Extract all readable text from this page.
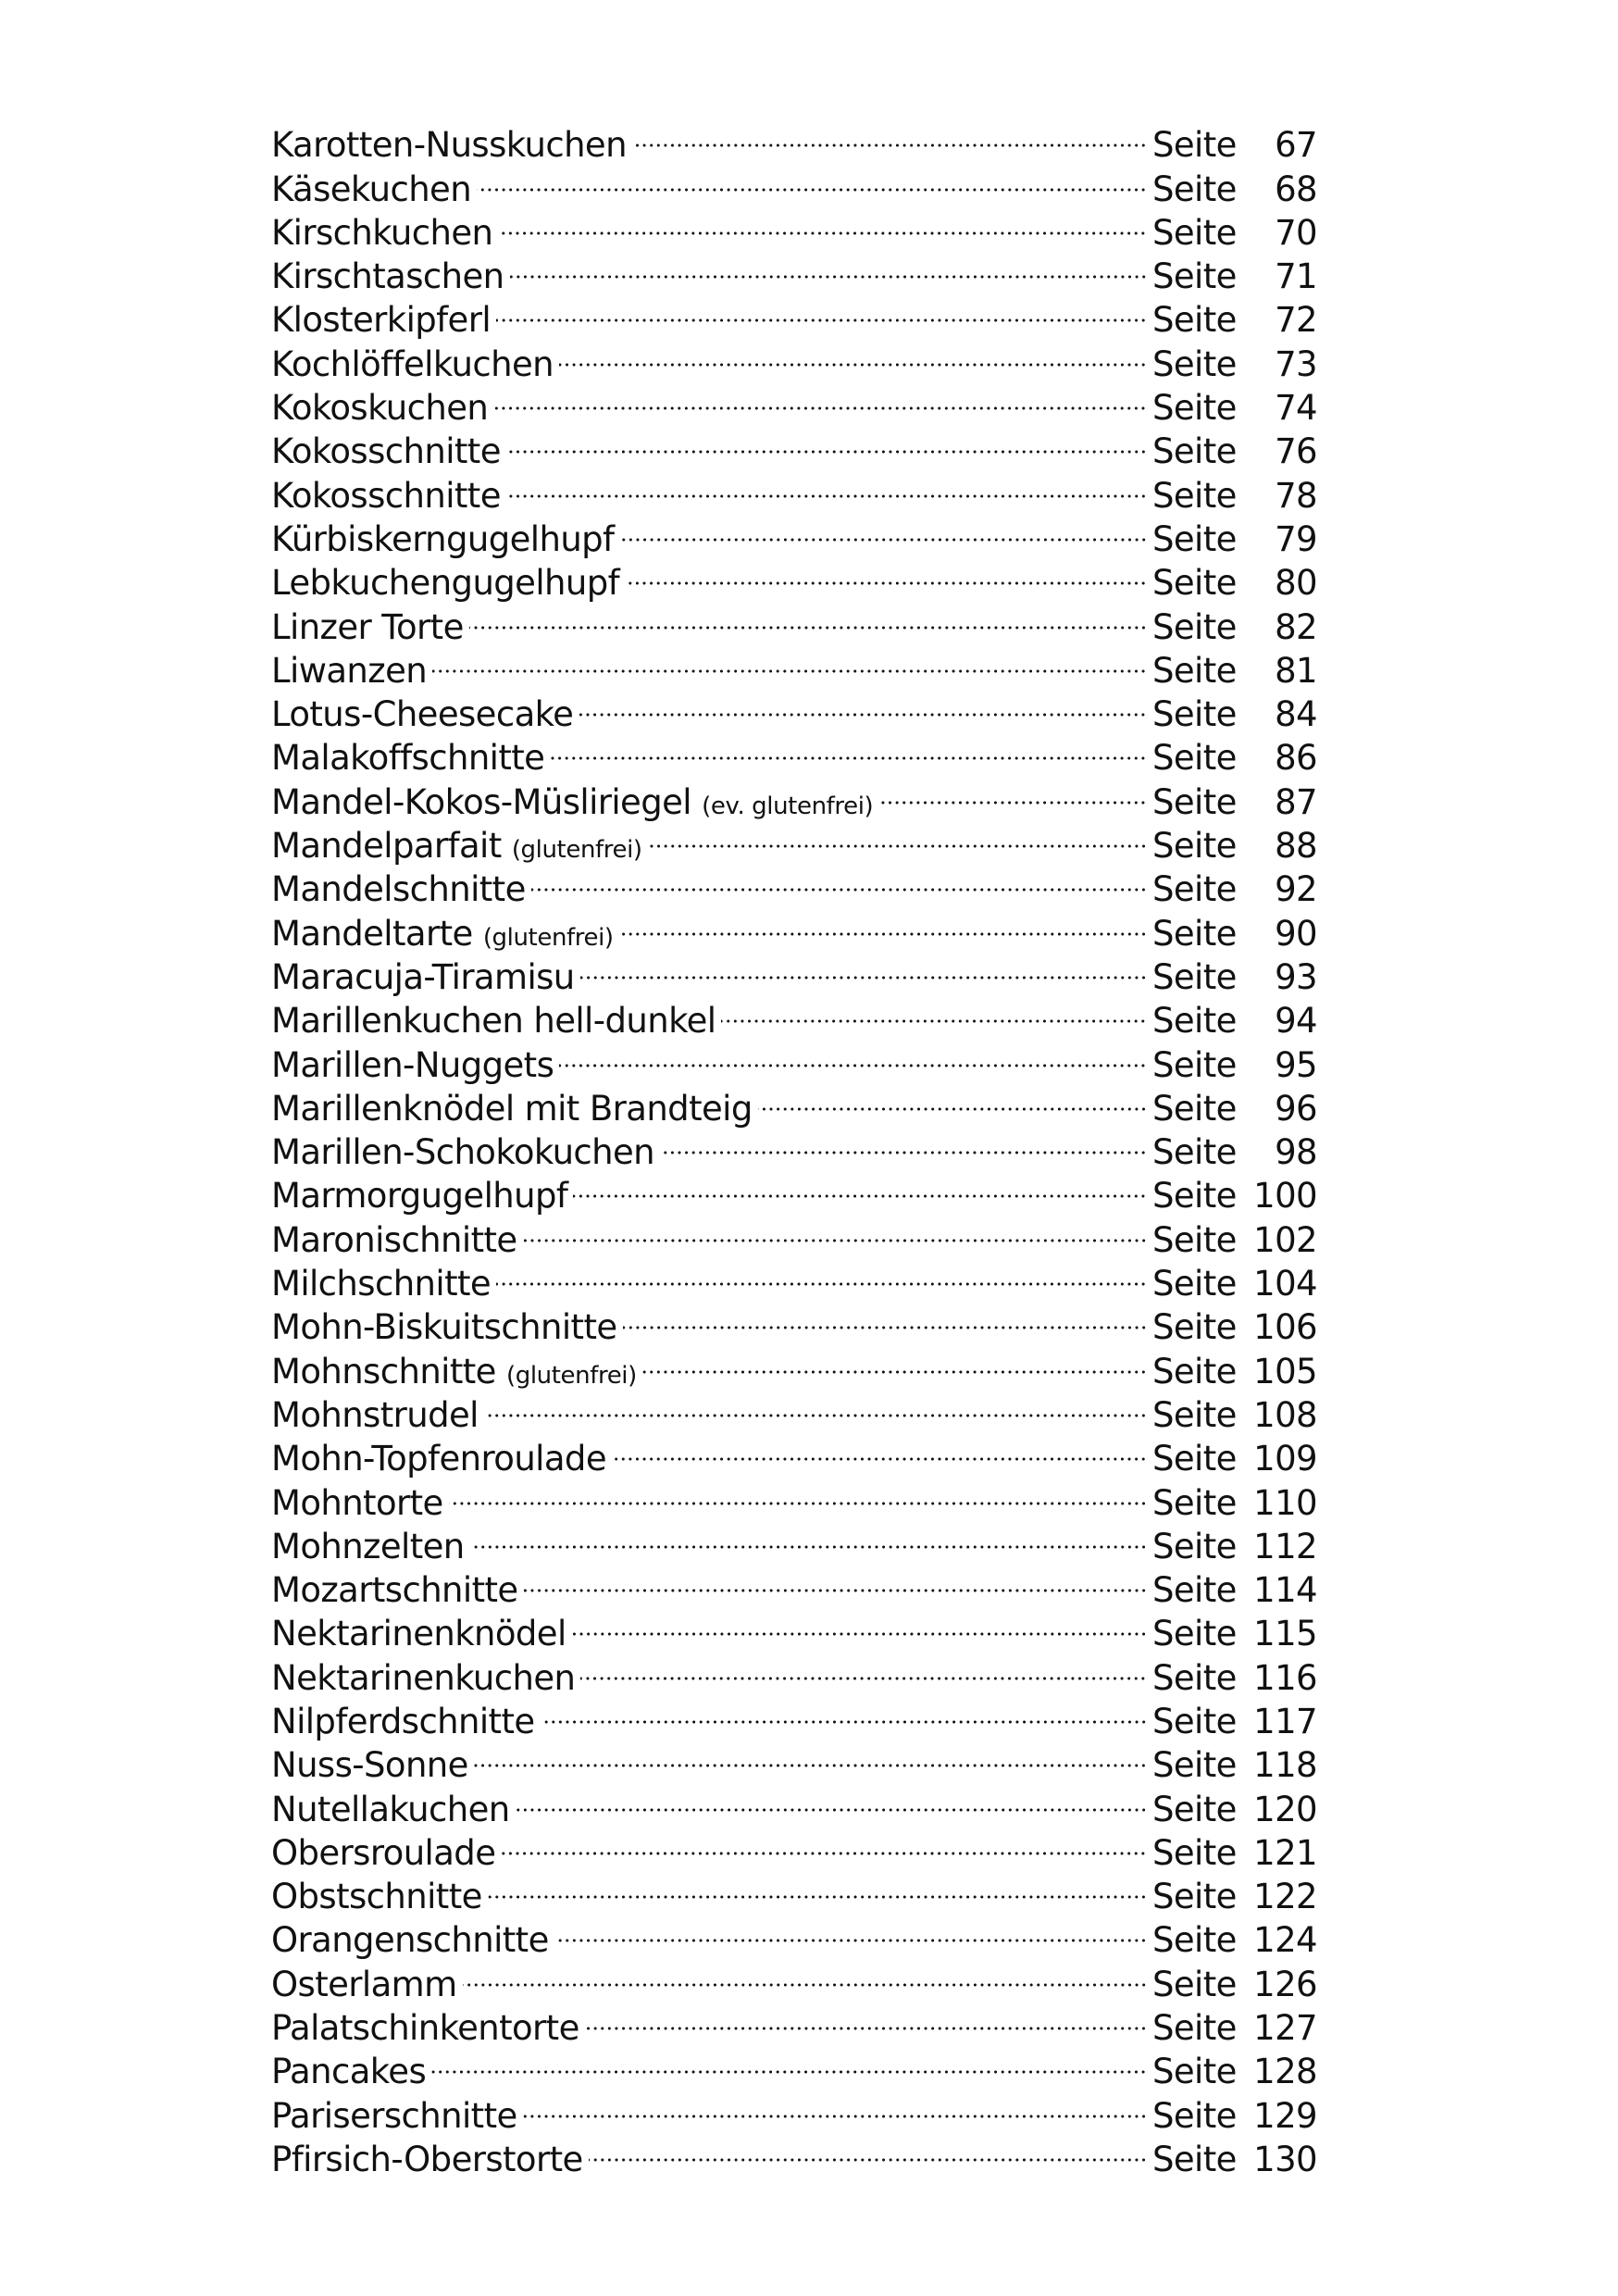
Karotten-Nusskuchen	Seite	67
Käsekuchen	Seite	68
Kirschkuchen	Seite	70
Kirschtaschen	Seite	71
Klosterkipferl	Seite	72
Kochlöffelkuchen	Seite	73
Kokoskuchen	Seite	74
Kokosschnitte	Seite	76
Kokosschnitte	Seite	78
Kürbiskerngugelhupf	Seite	79
Lebkuchengugelhupf	Seite	80
Linzer Torte	Seite	82
Liwanzen	Seite	81
Lotus-Cheesecake	Seite	84
Malakoffschnitte	Seite	86
Mandel-Kokos-Müsliriegel (ev. glutenfrei)	Seite	87
Mandelparfait (glutenfrei)	Seite	88
Mandelschnitte	Seite	92
Mandeltarte (glutenfrei)	Seite	90
Maracuja-Tiramisu	Seite	93
Marillenkuchen hell-dunkel	Seite	94
Marillen-Nuggets	Seite	95
Marillenknödel mit Brandteig	Seite	96
Marillen-Schokokuchen	Seite	98
Marmorgugelhupf	Seite 100
Maronischnitte	Seite 102
Milchschnitte	Seite 104
Mohn-Biskuitschnitte	Seite 106
Mohnschnitte (glutenfrei)	Seite 105
Mohnstrudel	Seite 108
Mohn-Topfenroulade	Seite 109
Mohntorte	Seite 110
Mohnzelten	Seite 112
Mozartschnitte	Seite 114
Nektarinenknödel	Seite 115
Nektarinenkuchen	Seite 116
Nilpferdschnitte	Seite 117
Nuss-Sonne	Seite 118
Nutellakuchen	Seite 120
Obersroulade	Seite 121
Obstschnitte	Seite 122
Orangenschnitte	Seite 124
Osterlamm	Seite 126
Palatschinkentorte	Seite 127
Pancakes	Seite 128
Pariserschnitte	Seite 129
Pfirsich-Oberstorte	Seite 130
